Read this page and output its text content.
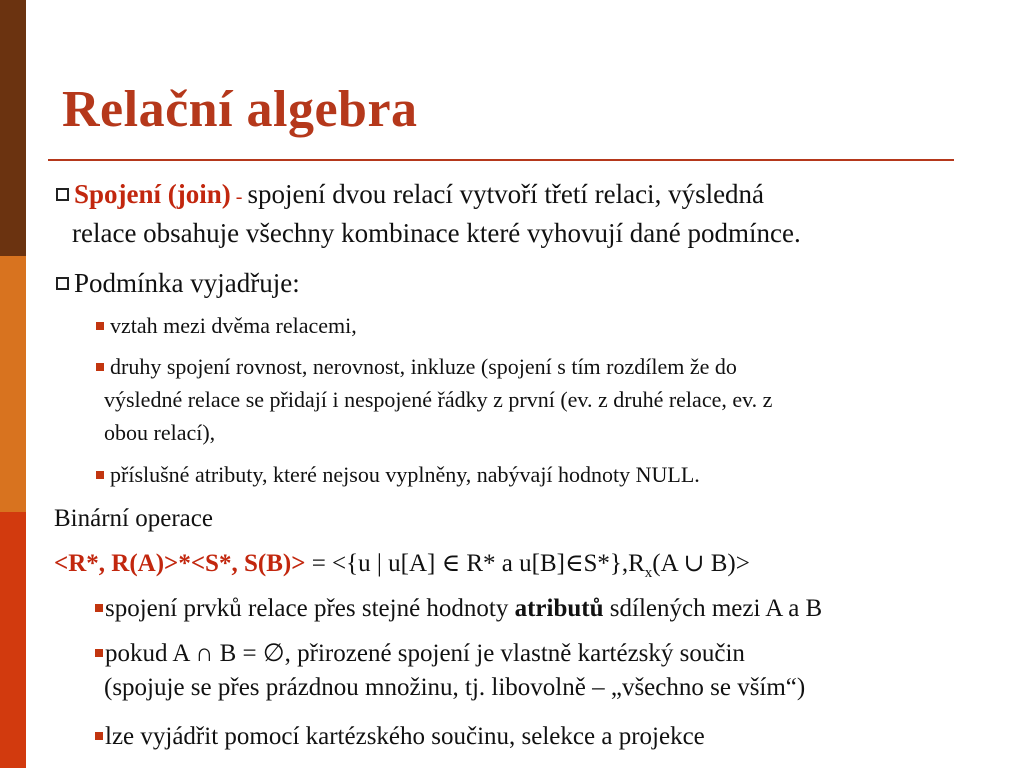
Relační algebra
Spojení (join) - spojení dvou relací vytvoří třetí relaci, výsledná
relace obsahuje všechny kombinace které vyhovují dané podmínce.
Podmínka vyjadřuje:
vztah mezi dvěma relacemi,
druhy spojení rovnost, nerovnost, inkluze (spojení s tím rozdílem že do
výsledné relace se přidají i nespojené řádky z první (ev. z druhé relace, ev. z
obou relací),
příslušné atributy, které nejsou vyplněny, nabývají hodnoty NULL.
Binární operace
<R*, R(A)>*<S*, S(B)> = <{u | u[A] ∈ R* a $u[B]\in S*\},R_x(A$ ∪ B)>
spojení prvků relace přes stejné hodnoty atributů sdílených mezi A a B
pokud A ∩ B = ∅, přirozené spojení je vlastně kartézský součin
(spojuje se přes prázdnou množinu, tj. libovolně – „všechno se vším“)
lze vyjádřit pomocí kartézského součinu, selekce a projekce
